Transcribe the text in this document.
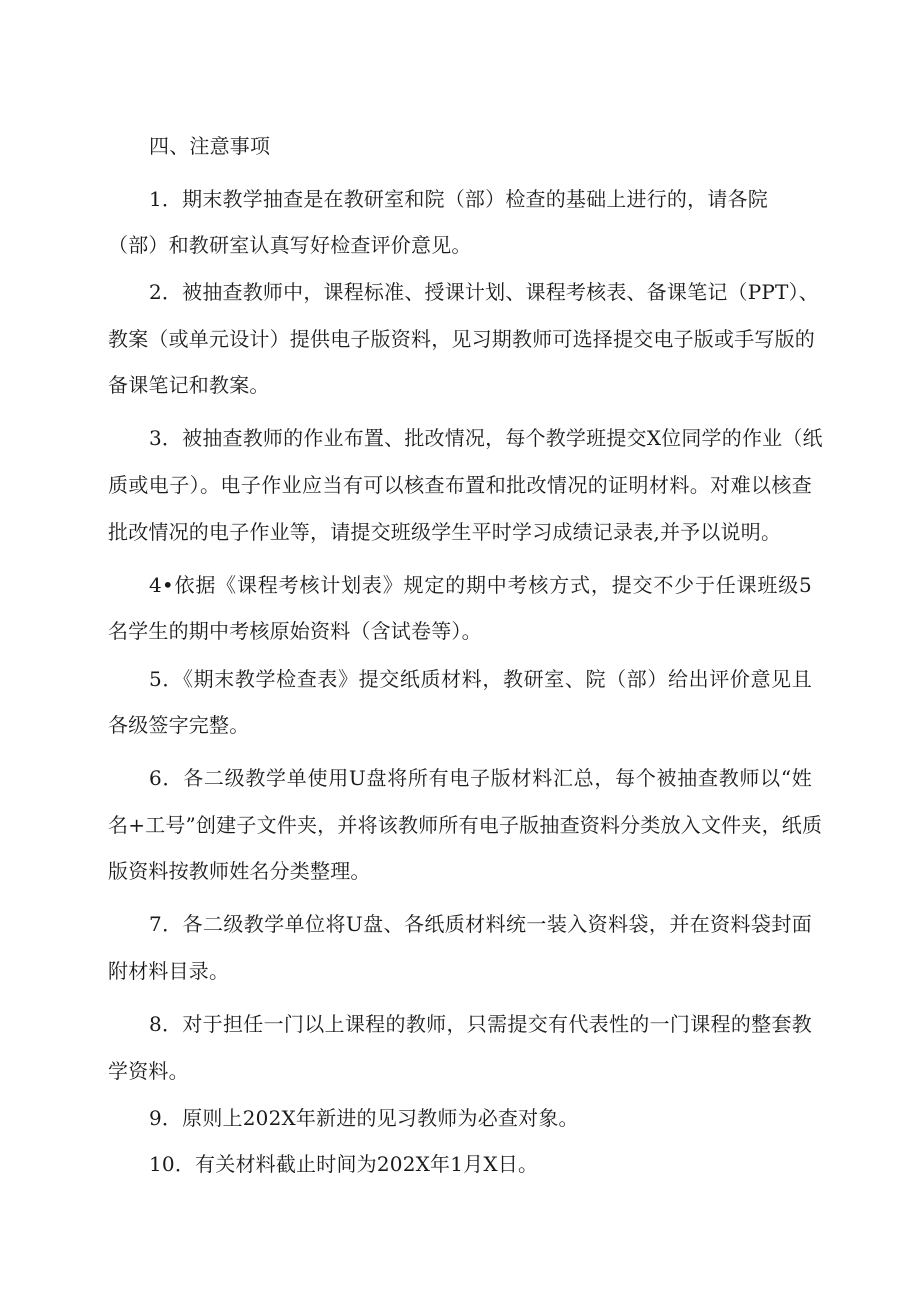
四、注意事项
1．期末教学抽查是在教研室和院（部）检查的基础上进行的，请各院
（部）和教研室认真写好检查评价意见。
2．被抽查教师中，课程标准、授课计划、课程考核表、备课笔记（PPT）、
教案（或单元设计）提供电子版资料，见习期教师可选择提交电子版或手写版的
备课笔记和教案。
3．被抽查教师的作业布置、批改情况，每个教学班提交X位同学的作业（纸
质或电子）。电子作业应当有可以核查布置和批改情况的证明材料。对难以核查
批改情况的电子作业等，请提交班级学生平时学习成绩记录表,并予以说明。
4•依据《课程考核计划表》规定的期中考核方式，提交不少于任课班级5
名学生的期中考核原始资料（含试卷等）。
5．《期末教学检查表》提交纸质材料，教研室、院（部）给出评价意见且
各级签字完整。
6．各二级教学单使用U盘将所有电子版材料汇总，每个被抽查教师以“姓
名+工号”创建子文件夹，并将该教师所有电子版抽查资料分类放入文件夹，纸质
版资料按教师姓名分类整理。
7．各二级教学单位将U盘、各纸质材料统一装入资料袋，并在资料袋封面
附材料目录。
8．对于担任一门以上课程的教师，只需提交有代表性的一门课程的整套教
学资料。
9．原则上202X年新进的见习教师为必查对象。
10．有关材料截止时间为202X年1月X日。
